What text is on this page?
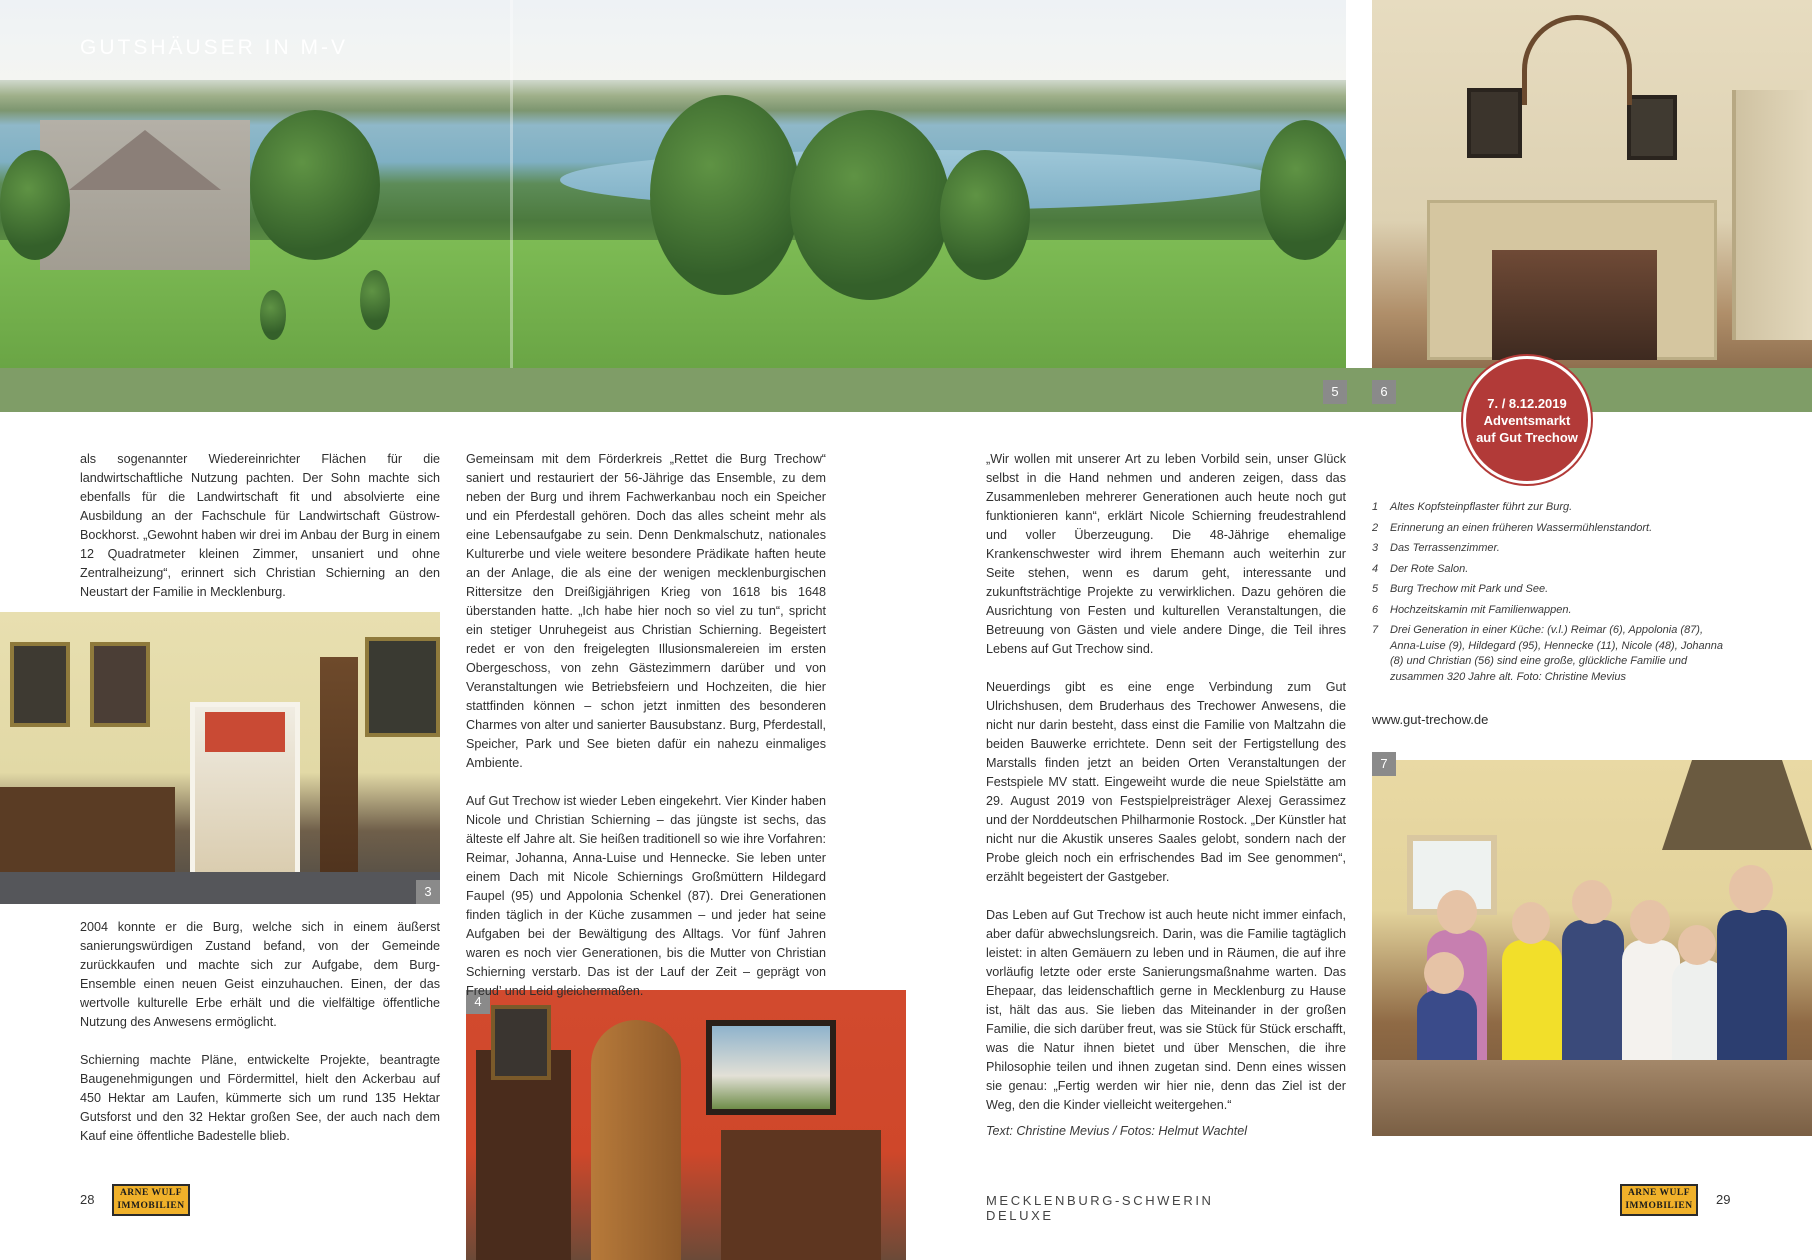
5	6
GUTSHÄUSER IN M-V
7. / 8.12.2019
Adventsmarkt
auf Gut Trechow
3
4
7

als sogenannter Wiedereinrichter Flächen für die landwirtschaftliche Nutzung pachten. Der Sohn machte sich ebenfalls für die Landwirtschaft fit und absolvierte eine Ausbildung an der Fachschule für Landwirtschaft Güstrow-Bockhorst. „Gewohnt haben wir drei im Anbau der Burg in einem 12 Quadratmeter kleinen Zimmer, unsaniert und ohne Zentralheizung“, erinnert sich Christian Schierning an den Neustart der Familie in Mecklenburg.

2004 konnte er die Burg, welche sich in einem äußerst sanierungswürdigen Zustand befand, von der Gemeinde zurückkaufen und machte sich zur Aufgabe, dem Burg-Ensemble einen neuen Geist einzuhauchen. Einen, der das wertvolle kulturelle Erbe erhält und die vielfältige öffentliche Nutzung des Anwesens ermöglicht.

Schierning machte Pläne, entwickelte Projekte, beantragte Baugenehmigungen und Fördermittel, hielt den Ackerbau auf 450 Hektar am Laufen, kümmerte sich um rund 135 Hektar Gutsforst und den 32 Hektar großen See, der auch nach dem Kauf eine öffentliche Badestelle blieb.

Gemeinsam mit dem Förderkreis „Rettet die Burg Trechow“ saniert und restauriert der 56-Jährige das Ensemble, zu dem neben der Burg und ihrem Fachwerkanbau noch ein Speicher und ein Pferdestall gehören. Doch das alles scheint mehr als eine Lebensaufgabe zu sein. Denn Denkmalschutz, nationales Kulturerbe und viele weitere besondere Prädikate haften heute an der Anlage, die als eine der wenigen mecklenburgischen Rittersitze den Dreißigjährigen Krieg von 1618 bis 1648 überstanden hatte. „Ich habe hier noch so viel zu tun“, spricht ein stetiger Unruhegeist aus Christian Schierning. Begeistert redet er von den freigelegten Illusionsmalereien im ersten Obergeschoss, von zehn Gästezimmern darüber und von Veranstaltungen wie Betriebsfeiern und Hochzeiten, die hier stattfinden können – schon jetzt inmitten des besonderen Charmes von alter und sanierter Bausubstanz. Burg, Pferdestall, Speicher, Park und See bieten dafür ein nahezu einmaliges Ambiente.

Auf Gut Trechow ist wieder Leben eingekehrt. Vier Kinder haben Nicole und Christian Schierning – das jüngste ist sechs, das älteste elf Jahre alt. Sie heißen traditionell so wie ihre Vorfahren: Reimar, Johanna, Anna-Luise und Hennecke. Sie leben unter einem Dach mit Nicole Schiernings Großmüttern Hildegard Faupel (95) und Appolonia Schenkel (87). Drei Generationen finden täglich in der Küche zusammen – und jeder hat seine Aufgaben bei der Bewältigung des Alltags. Vor fünf Jahren waren es noch vier Generationen, bis die Mutter von Christian Schierning verstarb. Das ist der Lauf der Zeit – geprägt von Freud’ und Leid gleichermaßen.

„Wir wollen mit unserer Art zu leben Vorbild sein, unser Glück selbst in die Hand nehmen und anderen zeigen, dass das Zusammenleben mehrerer Generationen auch heute noch gut funktionieren kann“, erklärt Nicole Schierning freudestrahlend und voller Überzeugung. Die 48-Jährige ehemalige Krankenschwester wird ihrem Ehemann auch weiterhin zur Seite stehen, wenn es darum geht, interessante und zukunftsträchtige Projekte zu verwirklichen. Dazu gehören die Ausrichtung von Festen und kulturellen Veranstaltungen, die Betreuung von Gästen und viele andere Dinge, die Teil ihres Lebens auf Gut Trechow sind.

Neuerdings gibt es eine enge Verbindung zum Gut Ulrichshusen, dem Bruderhaus des Trechower Anwesens, die nicht nur darin besteht, dass einst die Familie von Maltzahn die beiden Bauwerke errichtete. Denn seit der Fertigstellung des Marstalls finden jetzt an beiden Orten Veranstaltungen der Festspiele MV statt. Eingeweiht wurde die neue Spielstätte am 29. August 2019 von Festspielpreisträger Alexej Gerassimez und der Norddeutschen Philharmonie Rostock. „Der Künstler hat nicht nur die Akustik unseres Saales gelobt, sondern nach der Probe gleich noch ein erfrischendes Bad im See genommen“, erzählt begeistert der Gastgeber.

Das Leben auf Gut Trechow ist auch heute nicht immer einfach, aber dafür abwechslungsreich. Darin, was die Familie tagtäglich leistet: in alten Gemäuern zu leben und in Räumen, die auf ihre vorläufig letzte oder erste Sanierungsmaßnahme warten. Das Ehepaar, das leidenschaftlich gerne in Mecklenburg zu Hause ist, hält das aus. Sie lieben das Miteinander in der großen Familie, die sich darüber freut, was sie Stück für Stück erschafft, was die Natur ihnen bietet und über Menschen, die ihre Philosophie teilen und ihnen zugetan sind. Denn eines wissen sie genau: „Fertig werden wir hier nie, denn das Ziel ist der Weg, den die Kinder vielleicht weitergehen.“

Text: Christine Mevius / Fotos: Helmut Wachtel
1	Altes Kopfsteinpflaster führt zur Burg.
2	Erinnerung an einen früheren Wassermühlenstandort.
3	Das Terrassenzimmer.
4	Der Rote Salon.
5	Burg Trechow mit Park und See.
6	Hochzeitskamin mit Familienwappen.
7	Drei Generation in einer Küche: (v.l.) Reimar (6), Appolonia (87), Anna-Luise (9), Hildegard (95), Hennecke (11), Nicole (48), Johanna (8) und Christian (56) sind eine große, glückliche Familie und zusammen 320 Jahre alt. Foto: Christine Mevius
www.gut-trechow.de
28	ARNE WULF
IMMOBILIEN	MECKLENBURG-SCHWERIN DELUXE
ARNE WULF
IMMOBILIEN 29
